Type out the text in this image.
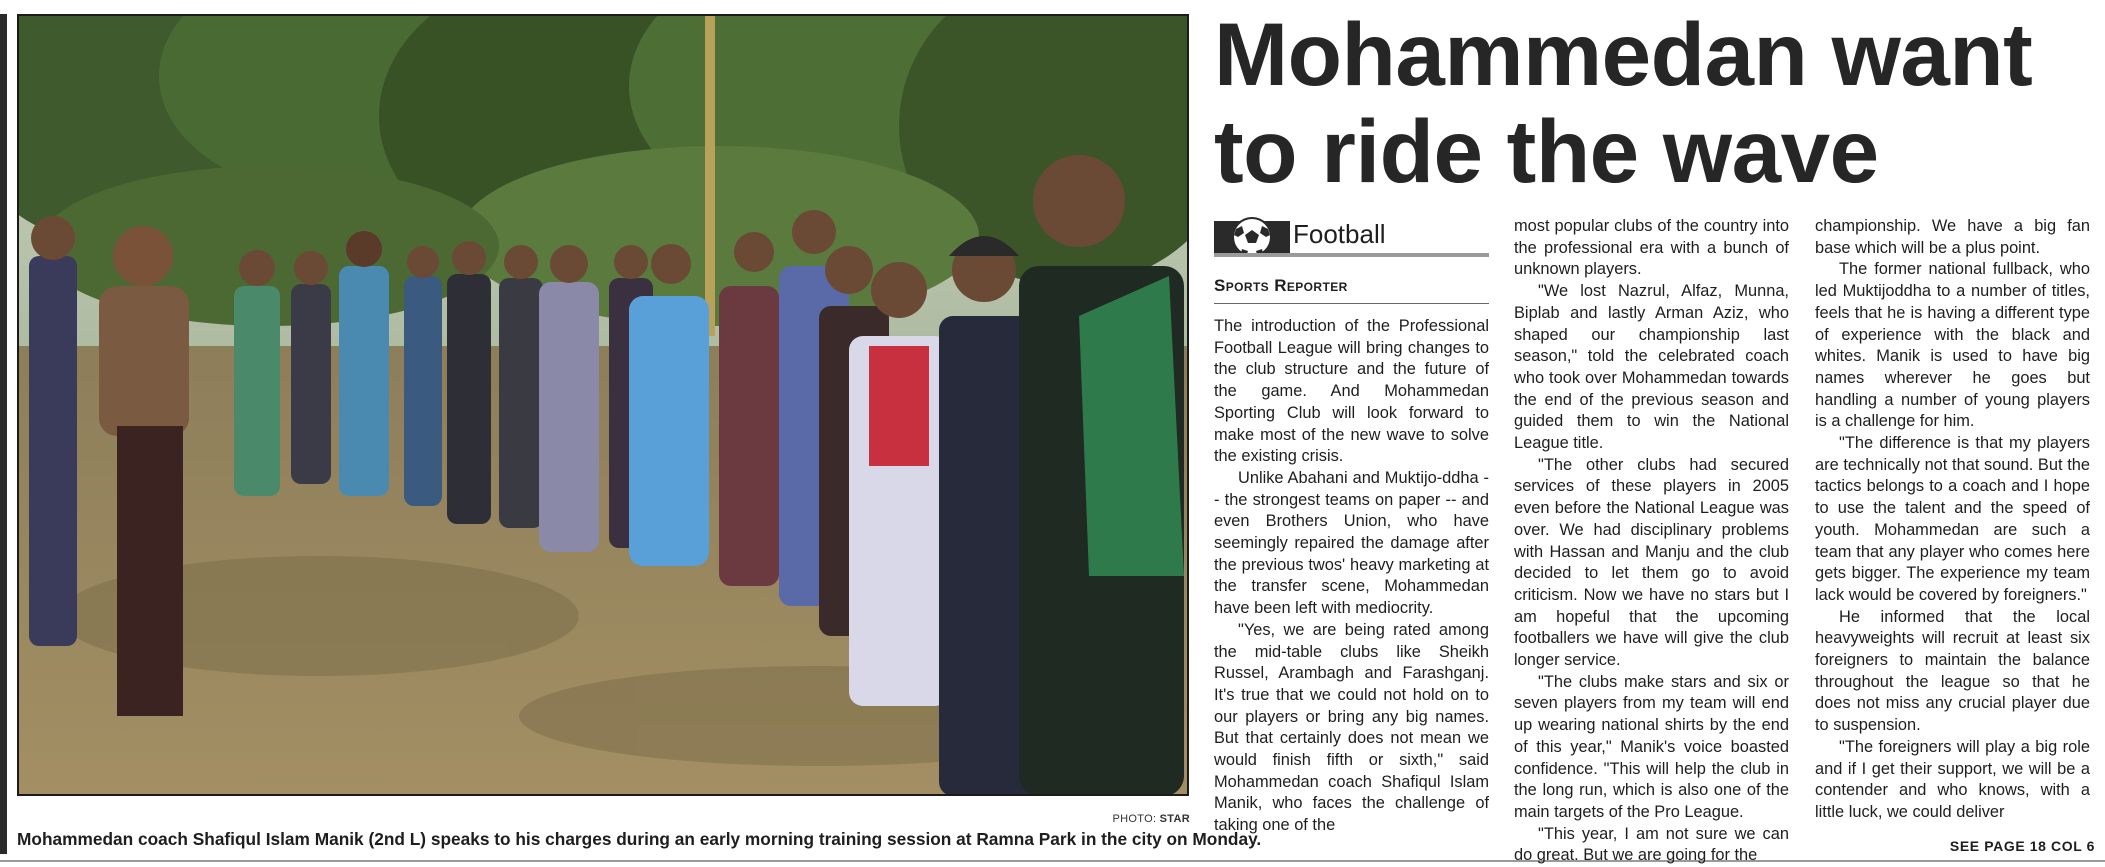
PHOTO: STAR
Mohammedan coach Shafiqul Islam Manik (2nd L) speaks to his charges during an early morning training session at Ramna Park in the city on Monday.
Mohammedan want
to ride the wave
Football
Sports Reporter

The introduction of the Professional Football League will bring changes to the club structure and the future of the game. And Mohammedan Sporting Club will look forward to make most of the new wave to solve the existing crisis.

Unlike Abahani and Muktijo-ddha -- the strongest teams on paper -- and even Brothers Union, who have seemingly repaired the damage after the previous twos' heavy marketing at the transfer scene, Mohammedan have been left with mediocrity.

"Yes, we are being rated among the mid-table clubs like Sheikh Russel, Arambagh and Farashganj. It's true that we could not hold on to our players or bring any big names. But that certainly does not mean we would finish fifth or sixth," said Mohammedan coach Shafiqul Islam Manik, who faces the challenge of taking one of the

most popular clubs of the country into the professional era with a bunch of unknown players.

"We lost Nazrul, Alfaz, Munna, Biplab and lastly Arman Aziz, who shaped our championship last season," told the celebrated coach who took over Mohammedan towards the end of the previous season and guided them to win the National League title.

"The other clubs had secured services of these players in 2005 even before the National League was over. We had disciplinary problems with Hassan and Manju and the club decided to let them go to avoid criticism. Now we have no stars but I am hopeful that the upcoming footballers we have will give the club longer service.

"The clubs make stars and six or seven players from my team will end up wearing national shirts by the end of this year," Manik's voice boasted confidence. "This will help the club in the long run, which is also one of the main targets of the Pro League.

"This year, I am not sure we can do great. But we are going for the

championship. We have a big fan base which will be a plus point.

The former national fullback, who led Muktijoddha to a number of titles, feels that he is having a different type of experience with the black and whites. Manik is used to have big names wherever he goes but handling a number of young players is a challenge for him.

"The difference is that my players are technically not that sound. But the tactics belongs to a coach and I hope to use the talent and the speed of youth. Mohammedan are such a team that any player who comes here gets bigger. The experience my team lack would be covered by foreigners."

He informed that the local heavyweights will recruit at least six foreigners to maintain the balance throughout the league so that he does not miss any crucial player due to suspension.

"The foreigners will play a big role and if I get their support, we will be a contender and who knows, with a little luck, we could deliver

SEE PAGE 18 COL 6
